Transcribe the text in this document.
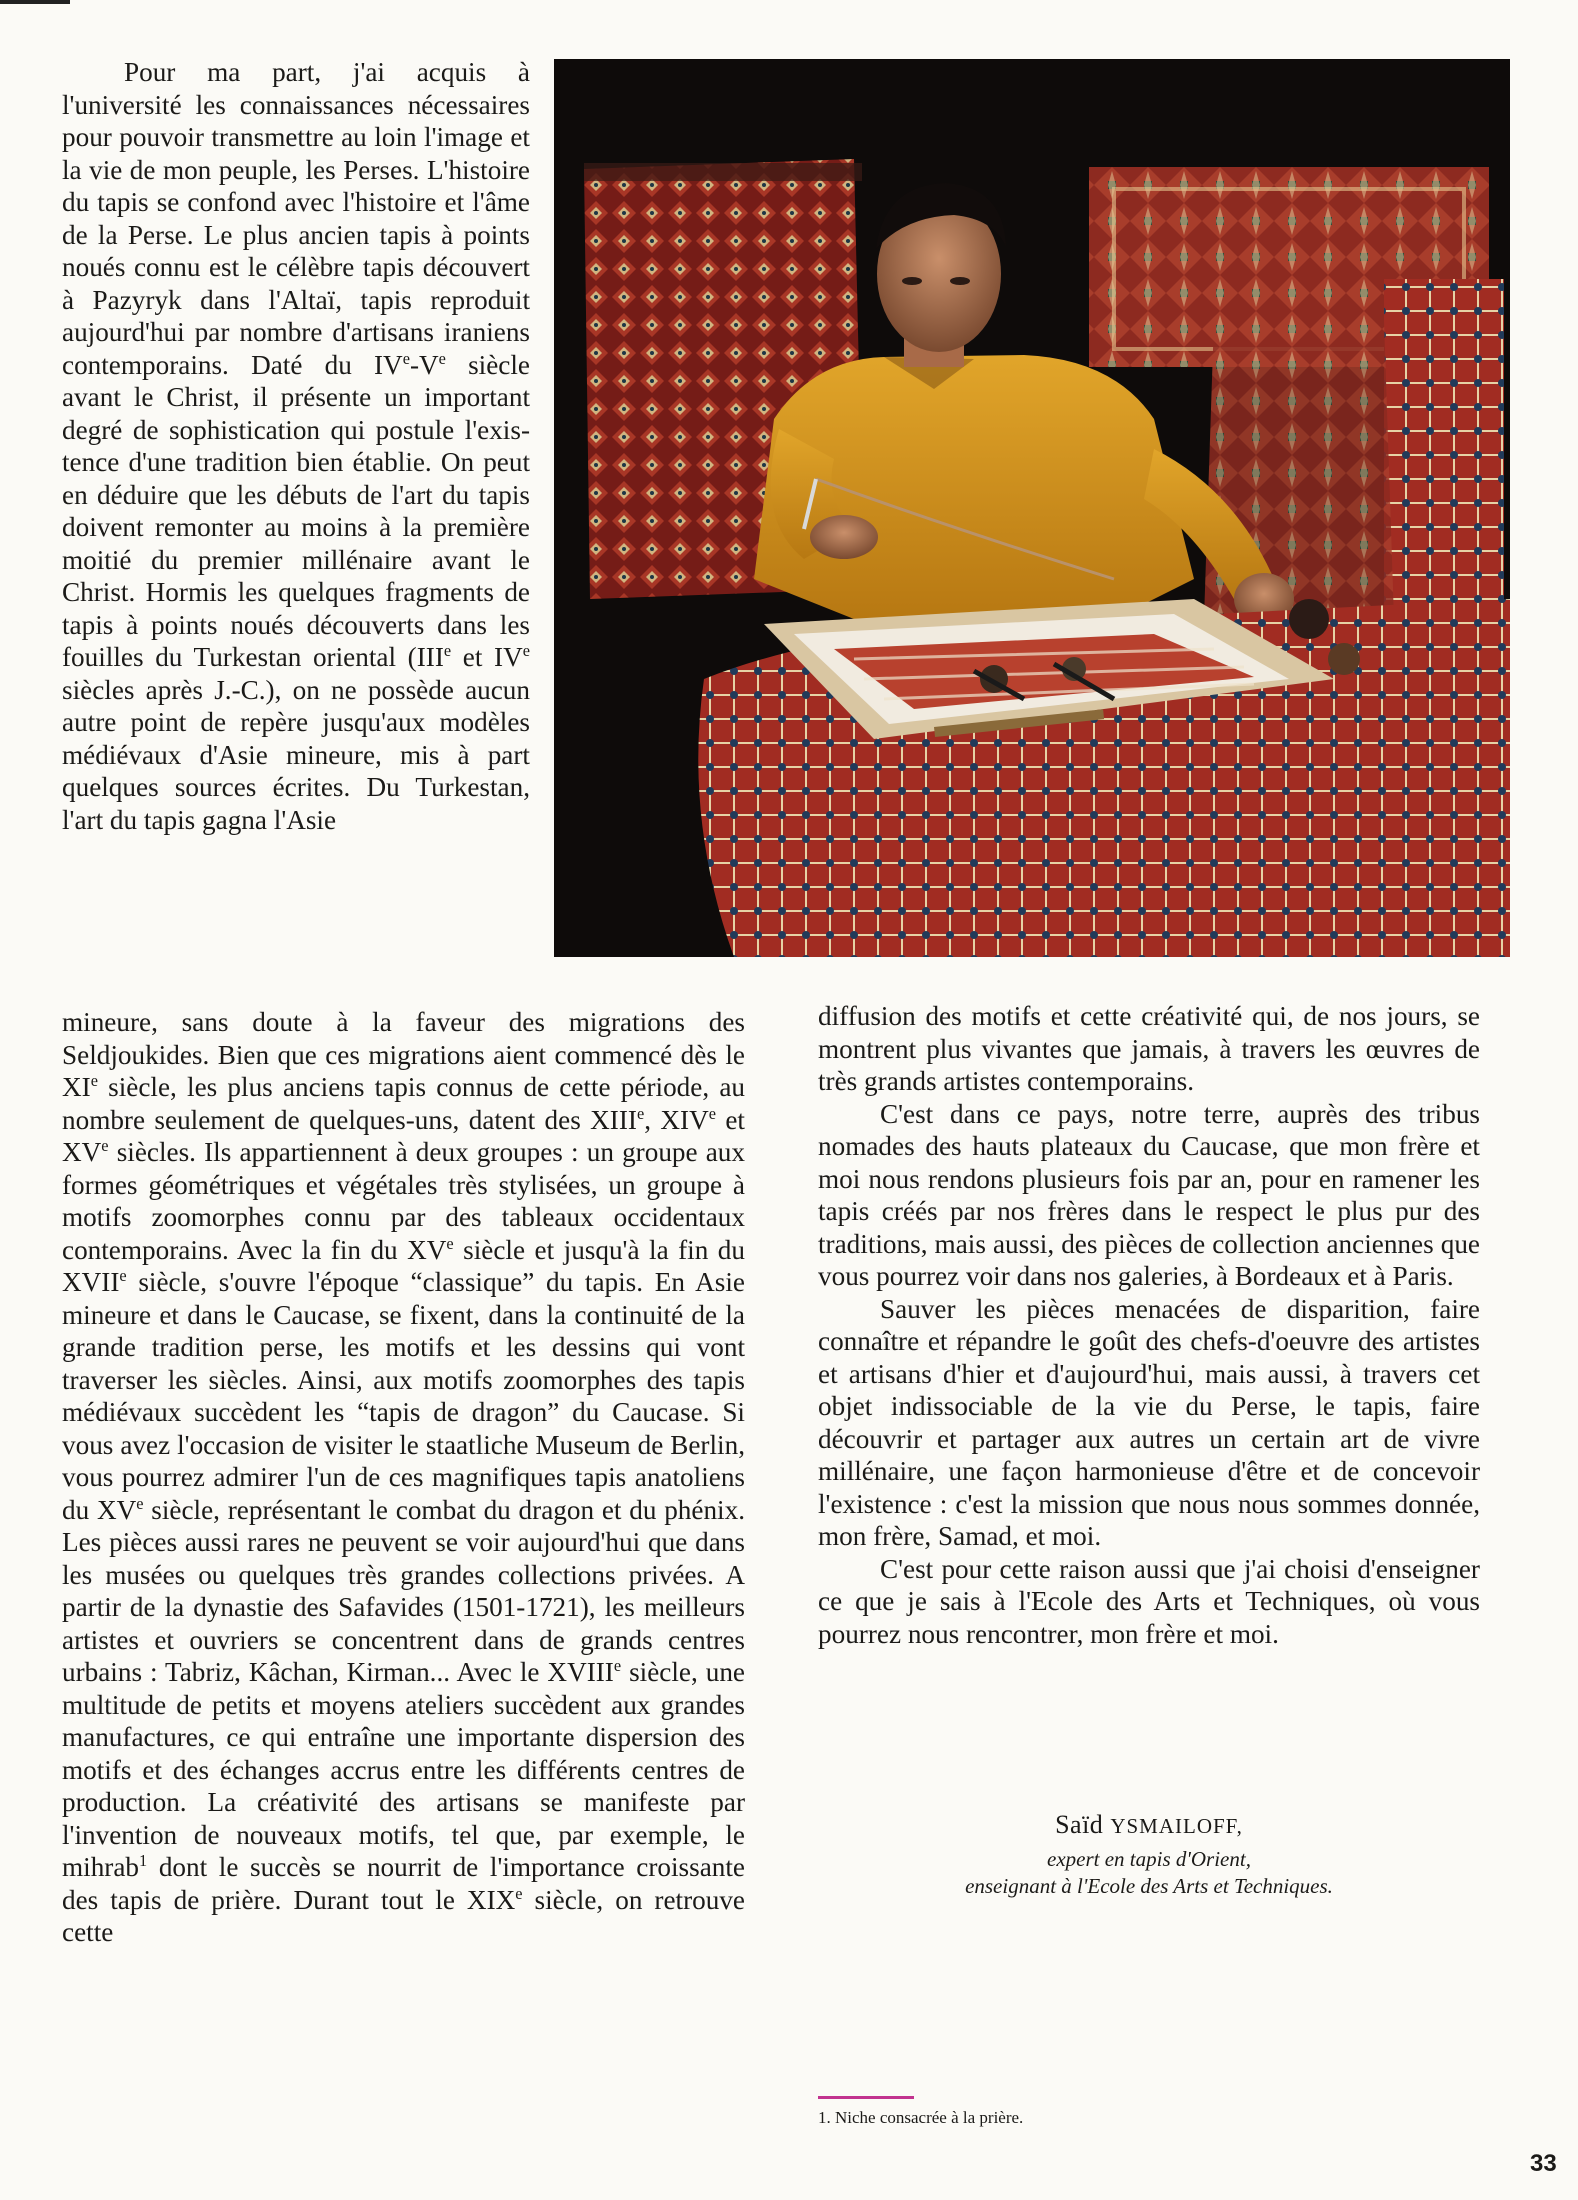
Pour ma part, j'ai acquis à l'université les connaissances nécessaires pour pouvoir transmettre au loin l'image et la vie de mon peuple, les Perses. L'histoire du tapis se confond avec l'histoire et l'âme de la Perse. Le plus ancien tapis à points noués connu est le célèbre tapis découvert à Pazyryk dans l'Altaï, tapis reproduit aujourd'hui par nombre d'artisans iraniens contemporains. Daté du IVe-Ve siècle avant le Christ, il présente un important degré de sophistication qui postule l'existence d'une tradition bien établie. On peut en déduire que les débuts de l'art du tapis doivent remonter au moins à la première moitié du premier millénaire avant le Christ. Hormis les quelques fragments de tapis à points noués découverts dans les fouilles du Turkestan oriental (IIIe et IVe siècles après J.-C.), on ne possède aucun autre point de repère jusqu'aux modèles médiévaux d'Asie mineure, mis à part quelques sources écrites. Du Turkestan, l'art du tapis gagna l'Asie

mineure, sans doute à la faveur des migrations des Seldjoukides. Bien que ces migrations aient commencé dès le XIe siècle, les plus anciens tapis connus de cette période, au nombre seulement de quelques-uns, datent des XIIIe, XIVe et XVe siècles. Ils appartiennent à deux groupes : un groupe aux formes géométriques et végétales très stylisées, un groupe à motifs zoomorphes connu par des tableaux occidentaux contemporains. Avec la fin du XVe siècle et jusqu'à la fin du XVIIe siècle, s'ouvre l'époque “classique” du tapis. En Asie mineure et dans le Caucase, se fixent, dans la continuité de la grande tradition perse, les motifs et les dessins qui vont traverser les siècles. Ainsi, aux motifs zoomorphes des tapis médiévaux succèdent les “tapis de dragon” du Caucase. Si vous avez l'occasion de visiter le staatliche Museum de Berlin, vous pourrez admirer l'un de ces magnifiques tapis anatoliens du XVe siècle, représentant le combat du dragon et du phénix. Les pièces aussi rares ne peuvent se voir aujourd'hui que dans les musées ou quelques très grandes collections privées. A partir de la dynastie des Safavides (1501-1721), les meilleurs artistes et ouvriers se concentrent dans de grands centres urbains : Tabriz, Kâchan, Kirman... Avec le XVIIIe siècle, une multitude de petits et moyens ateliers succèdent aux grandes manufactures, ce qui entraîne une importante dispersion des motifs et des échanges accrus entre les différents centres de production. La créativité des artisans se manifeste par l'invention de nouveaux motifs, tel que, par exemple, le mihrab$^1$ dont le succès se nourrit de l'importance croissante des tapis de prière. Durant tout le XIXe siècle, on retrouve cette

diffusion des motifs et cette créativité qui, de nos jours, se montrent plus vivantes que jamais, à travers les œuvres de très grands artistes contemporains.

C'est dans ce pays, notre terre, auprès des tribus nomades des hauts plateaux du Caucase, que mon frère et moi nous rendons plusieurs fois par an, pour en ramener les tapis créés par nos frères dans le respect le plus pur des traditions, mais aussi, des pièces de collection anciennes que vous pourrez voir dans nos galeries, à Bordeaux et à Paris.

Sauver les pièces menacées de disparition, faire connaître et répandre le goût des chefs-d'oeuvre des artistes et artisans d'hier et d'aujourd'hui, mais aussi, à travers cet objet indissociable de la vie du Perse, le tapis, faire découvrir et partager aux autres un certain art de vivre millénaire, une façon harmonieuse d'être et de concevoir l'existence : c'est la mission que nous nous sommes donnée, mon frère, Samad, et moi.

C'est pour cette raison aussi que j'ai choisi d'enseigner ce que je sais à l'Ecole des Arts et Techniques, où vous pourrez nous rencontrer, mon frère et moi.

Saïd YSMAILOFF,

expert en tapis d'Orient,

enseignant à l'Ecole des Arts et Techniques.

1. Niche consacrée à la prière.
33
